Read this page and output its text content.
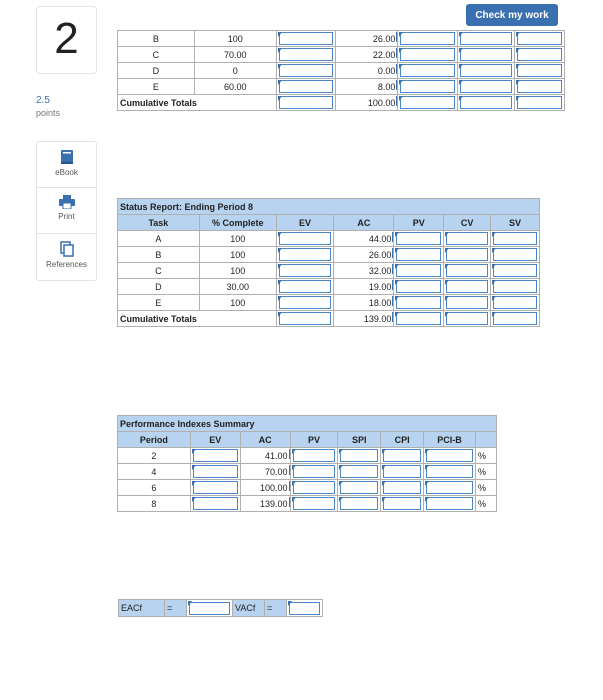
2
2.5
points
eBook
Print
References
Check my work
B	100		26.00	

C	70.00		22.00	

D	0		0.00	

E	60.00		8.00	

Cumulative Totals			100.00	

Status Report: Ending Period 8						
Task	% Complete	EV	AC	PV	CV	SV
A	100		44.00	

B	100		26.00	

C	100		32.00	

D	30.00		19.00	

E	100		18.00	

Cumulative Totals			139.00	

Performance Indexes Summary							
Period	EV	AC	PV	SPI	CPI	PCI-B	
2		41.00					%
4		70.00					%
6		100.00					%
8		139.00					%
EACf	=		VACf	=	
